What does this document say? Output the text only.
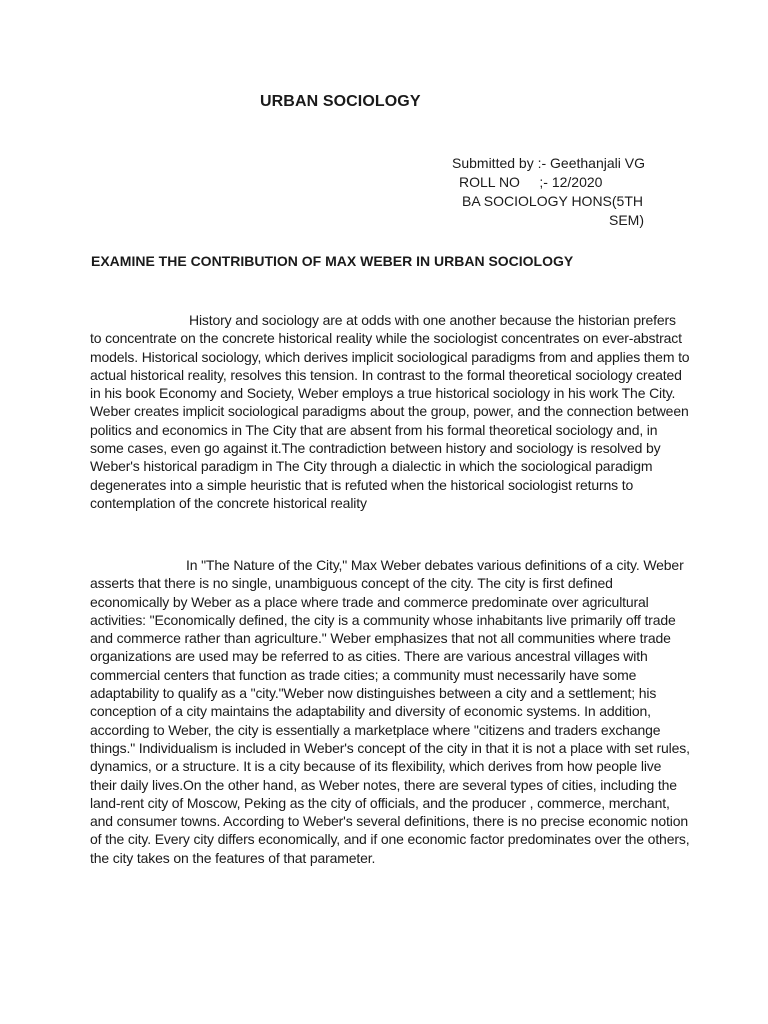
URBAN SOCIOLOGY
Submitted by :- Geethanjali VG
ROLL NO     ;- 12/2020
BA SOCIOLOGY HONS(5TH
SEM)
EXAMINE THE CONTRIBUTION OF MAX WEBER IN URBAN SOCIOLOGY

History and sociology are at odds with one another because the historian prefers to concentrate on the concrete historical reality while the sociologist concentrates on ever-abstract models. Historical sociology, which derives implicit sociological paradigms from and applies them to actual historical reality, resolves this tension. In contrast to the formal theoretical sociology created in his book Economy and Society, Weber employs a true historical sociology in his work The City. Weber creates implicit sociological paradigms about the group, power, and the connection between politics and economics in The City that are absent from his formal theoretical sociology and, in some cases, even go against it.The contradiction between history and sociology is resolved by Weber's historical paradigm in The City through a dialectic in which the sociological paradigm degenerates into a simple heuristic that is refuted when the historical sociologist returns to contemplation of the concrete historical reality

In "The Nature of the City," Max Weber debates various definitions of a city. Weber asserts that there is no single, unambiguous concept of the city. The city is first defined economically by Weber as a place where trade and commerce predominate over agricultural activities: "Economically defined, the city is a community whose inhabitants live primarily off trade and commerce rather than agriculture." Weber emphasizes that not all communities where trade organizations are used may be referred to as cities. There are various ancestral villages with commercial centers that function as trade cities; a community must necessarily have some adaptability to qualify as a "city."Weber now distinguishes between a city and a settlement; his conception of a city maintains the adaptability and diversity of economic systems. In addition, according to Weber, the city is essentially a marketplace where "citizens and traders exchange things." Individualism is included in Weber's concept of the city in that it is not a place with set rules, dynamics, or a structure. It is a city because of its flexibility, which derives from how people live their daily lives.On the other hand, as Weber notes, there are several types of cities, including the land-rent city of Moscow, Peking as the city of officials, and the producer , commerce, merchant, and consumer towns. According to Weber's several definitions, there is no precise economic notion of the city. Every city differs economically, and if one economic factor predominates over the others, the city takes on the features of that parameter.
